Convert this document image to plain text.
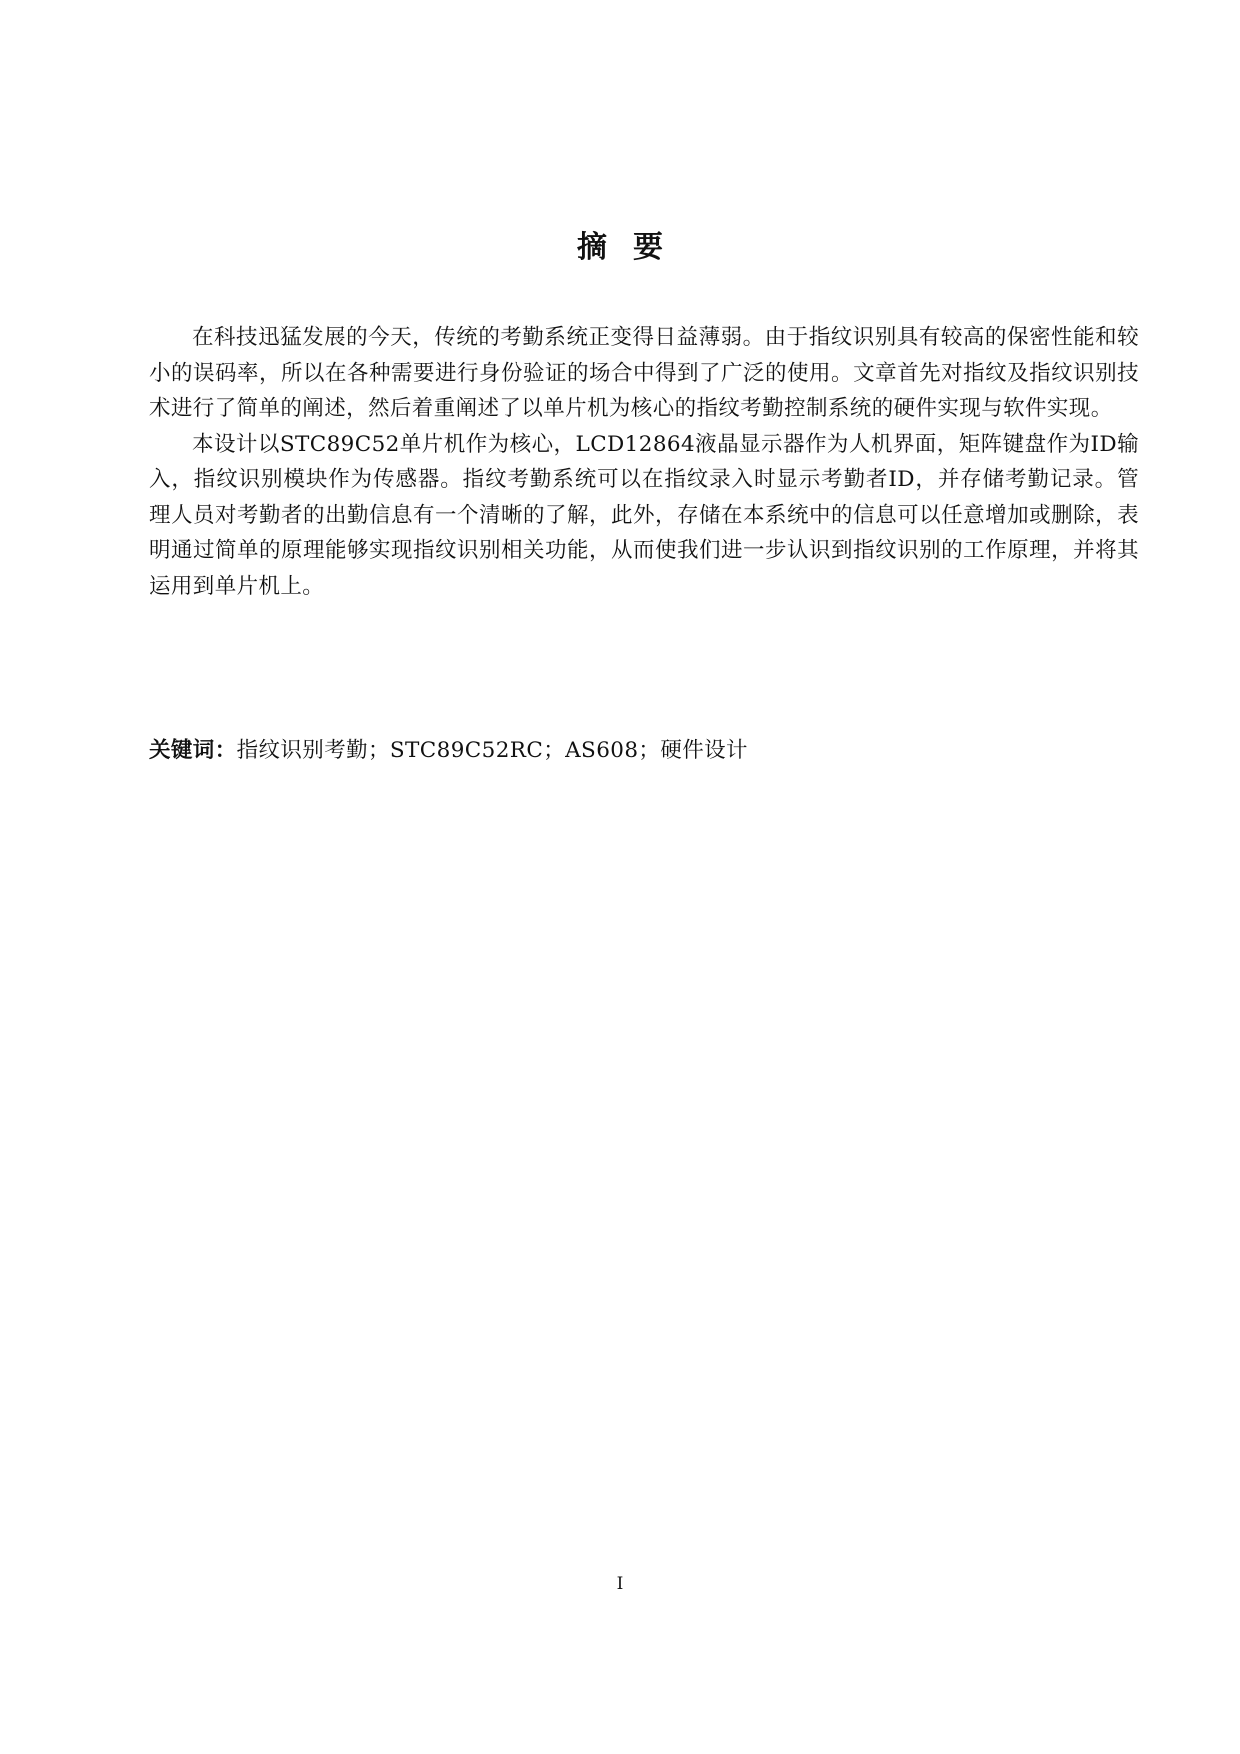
摘要

在科技迅猛发展的今天，传统的考勤系统正变得日益薄弱。由于指纹识别具有较高的保密性能和较小的误码率，所以在各种需要进行身份验证的场合中得到了广泛的使用。文章首先对指纹及指纹识别技术进行了简单的阐述，然后着重阐述了以单片机为核心的指纹考勤控制系统的硬件实现与软件实现。

本设计以STC89C52单片机作为核心，LCD12864液晶显示器作为人机界面，矩阵键盘作为ID输入，指纹识别模块作为传感器。指纹考勤系统可以在指纹录入时显示考勤者ID，并存储考勤记录。管理人员对考勤者的出勤信息有一个清晰的了解，此外，存储在本系统中的信息可以任意增加或删除，表明通过简单的原理能够实现指纹识别相关功能，从而使我们进一步认识到指纹识别的工作原理，并将其运用到单片机上。

关键词：指纹识别考勤；STC89C52RC；AS608；硬件设计
I
